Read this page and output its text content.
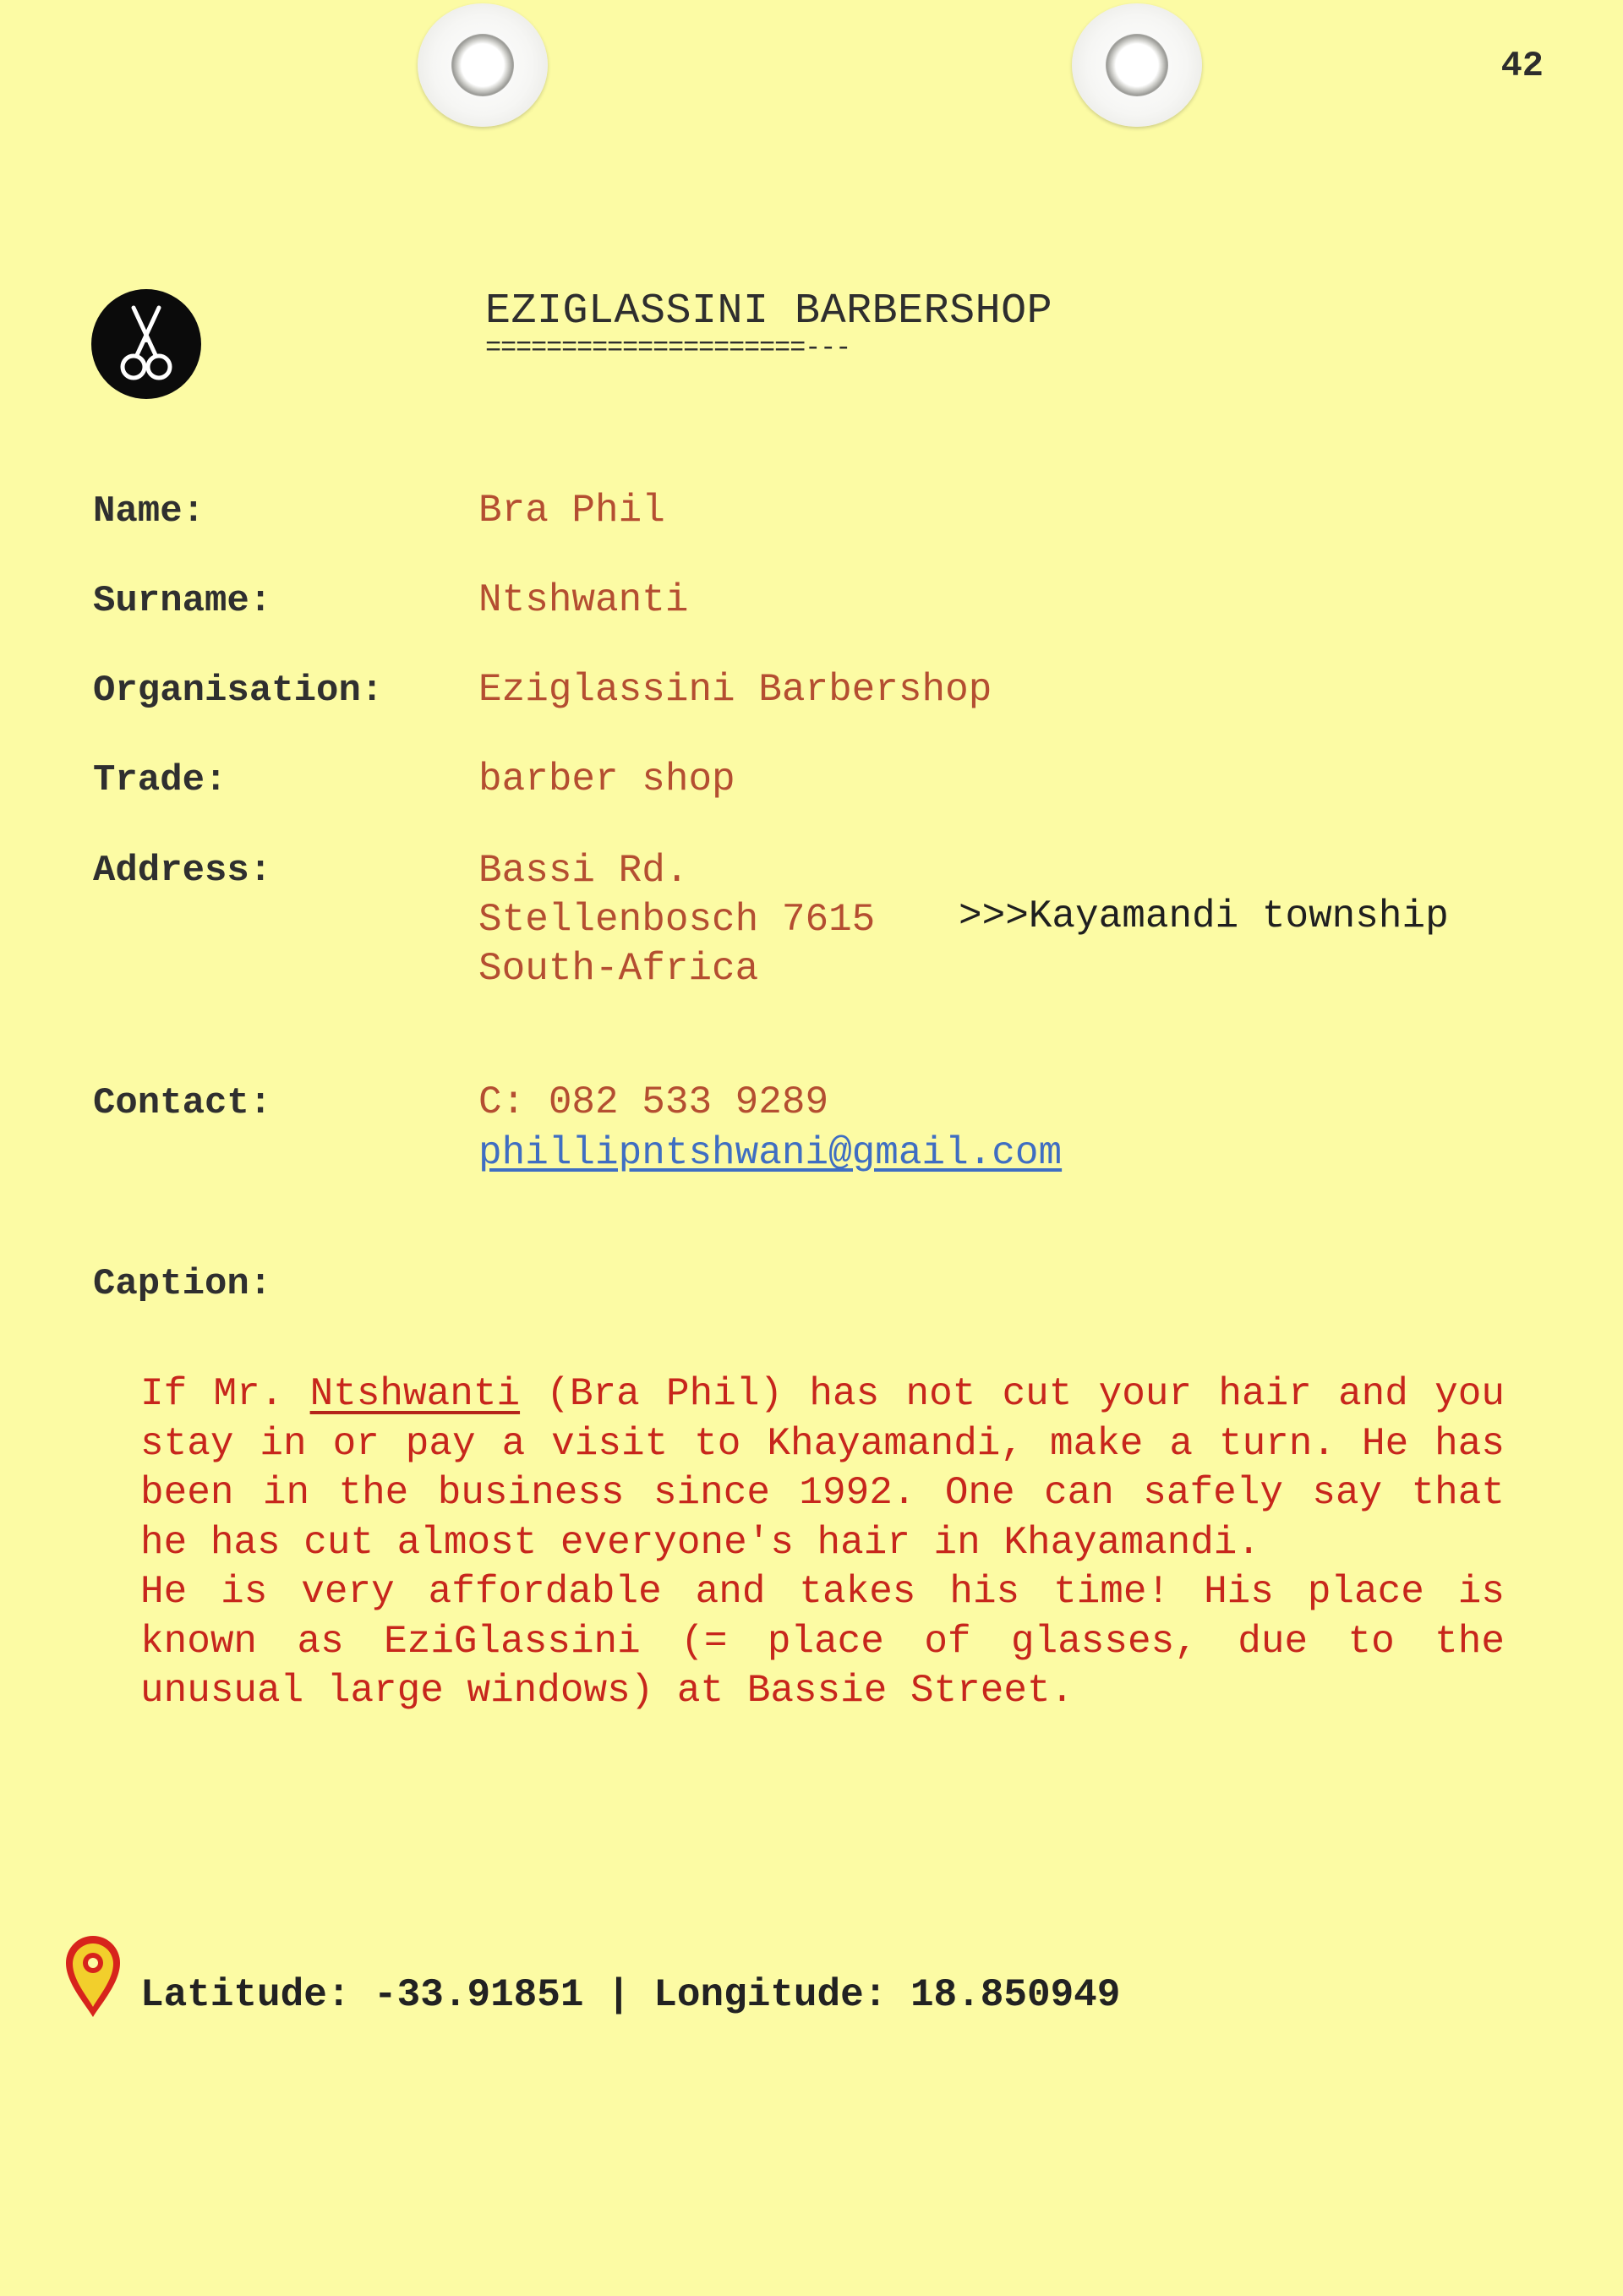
42
EZIGLASSINI BARBERSHOP
=====================---
Name:	Bra Phil
Surname:	Ntshwanti
Organisation: Eziglassini Barbershop
Trade:	barber shop
Address:	Bassi Rd.
Stellenbosch 7615
South-Africa
>>>Kayamandi township
Contact:	C: 082 533 9289
phillipntshwani@gmail.com
Caption:

If Mr. Ntshwanti (Bra Phil) has not cut your hair and you stay in or pay a visit to Khayamandi, make a turn. He has been in the business since 1992. One can safely say that he has cut almost everyone's hair in Khayamandi.

He is very affordable and takes his time! His place is known as EziGlassini (= place of glasses, due to the unusual large windows) at Bassie Street.

Latitude: -33.91851 | Longitude: 18.850949
